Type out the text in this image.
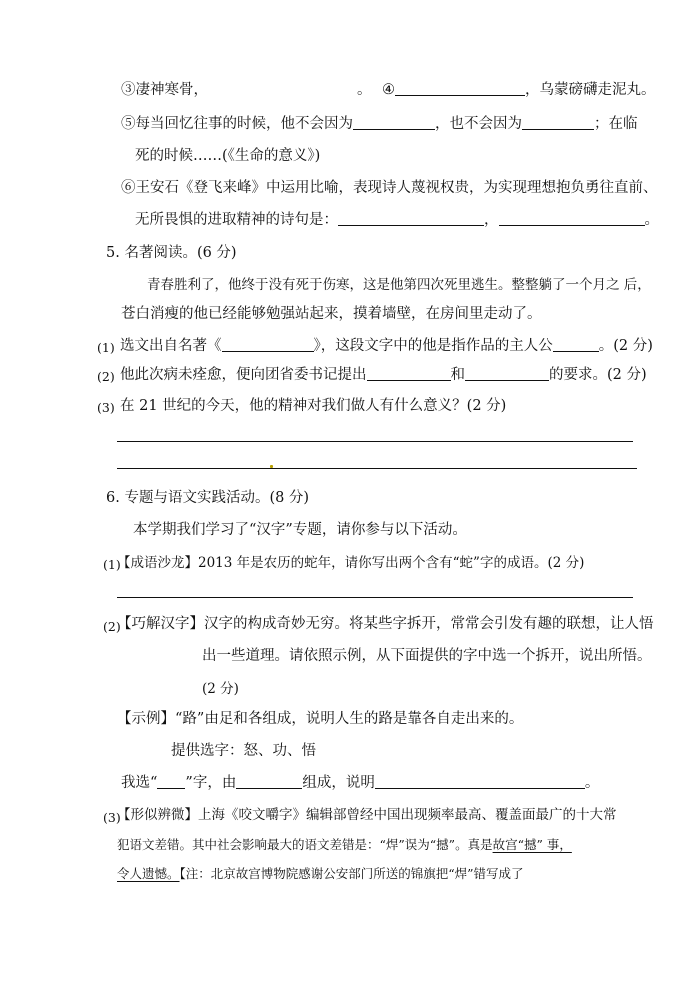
③凄神寒骨，	。 ④	，乌蒙磅礴走泥丸。
⑤每当回忆往事的时候，他不会因为	，也不会因为	；在临
死的时候……(《生命的意义》)
⑥王安石《登飞来峰》中运用比喻，表现诗人蔑视权贵，为实现理想抱负勇往直前、
无所畏惧的进取精神的诗句是：	，	。
5. 名著阅读。(6 分)
青春胜利了，他终于没有死于伤寒，这是他第四次死里逃生。整整躺了一个月之 后，
苍白消瘦的他已经能够勉强站起来，摸着墙壁，在房间里走动了。
(1) 选文出自名著《	》，这段文字中的他是指作品的主人公	。(2 分)
(2) 他此次病未痊愈，便向团省委书记提出	和	的要求。(2 分)
(3) 在 21 世纪的今天，他的精神对我们做人有什么意义？(2 分)
6. 专题与语文实践活动。(8 分)
本学期我们学习了“汉字”专题，请你参与以下活动。
(1)
【成语沙龙】2013 年是农历的蛇年，请你写出两个含有“蛇”字的成语。(2 分)
(2)
【巧解汉字】汉字的构成奇妙无穷。将某些字拆开，常常会引发有趣的联想，让人悟
出一些道理。请依照示例，从下面提供的字中选一个拆开，说出所悟。
(2 分)
【示例】“路”由足和各组成，说明人生的路是靠各自走出来的。
提供选字：怒、功、悟
我选“ ”字，由	组成，说明	。
(3)
【形似辨微】上海《咬文嚼字》编辑部曾经中国出现频率最高、覆盖面最广的十大常
犯语文差错。其中社会影响最大的语文差错是：“焊”误为“撼”。真是故宫“撼” 事，
令人遗憾。【注：北京故宫博物院感谢公安部门所送的锦旗把“焊”错写成了
